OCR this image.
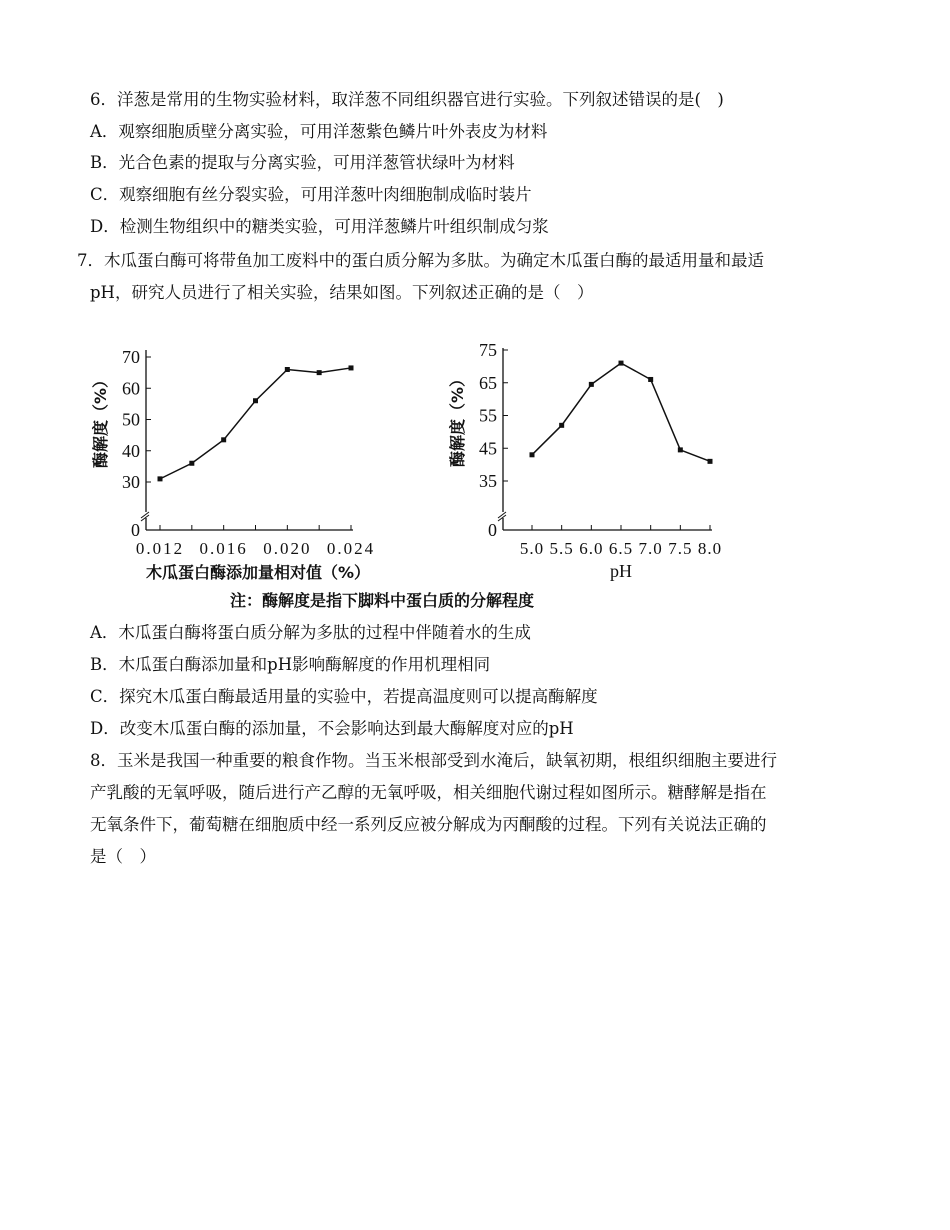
6．洋葱是常用的生物实验材料，取洋葱不同组织器官进行实验。下列叙述错误的是(　)
A．观察细胞质壁分离实验，可用洋葱紫色鳞片叶外表皮为材料
B．光合色素的提取与分离实验，可用洋葱管状绿叶为材料
C．观察细胞有丝分裂实验，可用洋葱叶肉细胞制成临时装片
D．检测生物组织中的糖类实验，可用洋葱鳞片叶组织制成匀浆
7．木瓜蛋白酶可将带鱼加工废料中的蛋白质分解为多肽。为确定木瓜蛋白酶的最适用量和最适
pH，研究人员进行了相关实验，结果如图。下列叙述正确的是（　）
0
30
40
50
60
70
0.012 0.016 0.020 0.024
酶解度（%）
木瓜蛋白酶添加量相对值（%）
0
35
45
55
65
75
5.0 5.5 6.0 6.5 7.0 7.5 8.0
酶解度（%）
pH
注：酶解度是指下脚料中蛋白质的分解程度
A．木瓜蛋白酶将蛋白质分解为多肽的过程中伴随着水的生成
B．木瓜蛋白酶添加量和pH影响酶解度的作用机理相同
C．探究木瓜蛋白酶最适用量的实验中，若提高温度则可以提高酶解度
D．改变木瓜蛋白酶的添加量，不会影响达到最大酶解度对应的pH
8．玉米是我国一种重要的粮食作物。当玉米根部受到水淹后，缺氧初期，根组织细胞主要进行
产乳酸的无氧呼吸，随后进行产乙醇的无氧呼吸，相关细胞代谢过程如图所示。糖酵解是指在
无氧条件下，葡萄糖在细胞质中经一系列反应被分解成为丙酮酸的过程。下列有关说法正确的
是（　）
